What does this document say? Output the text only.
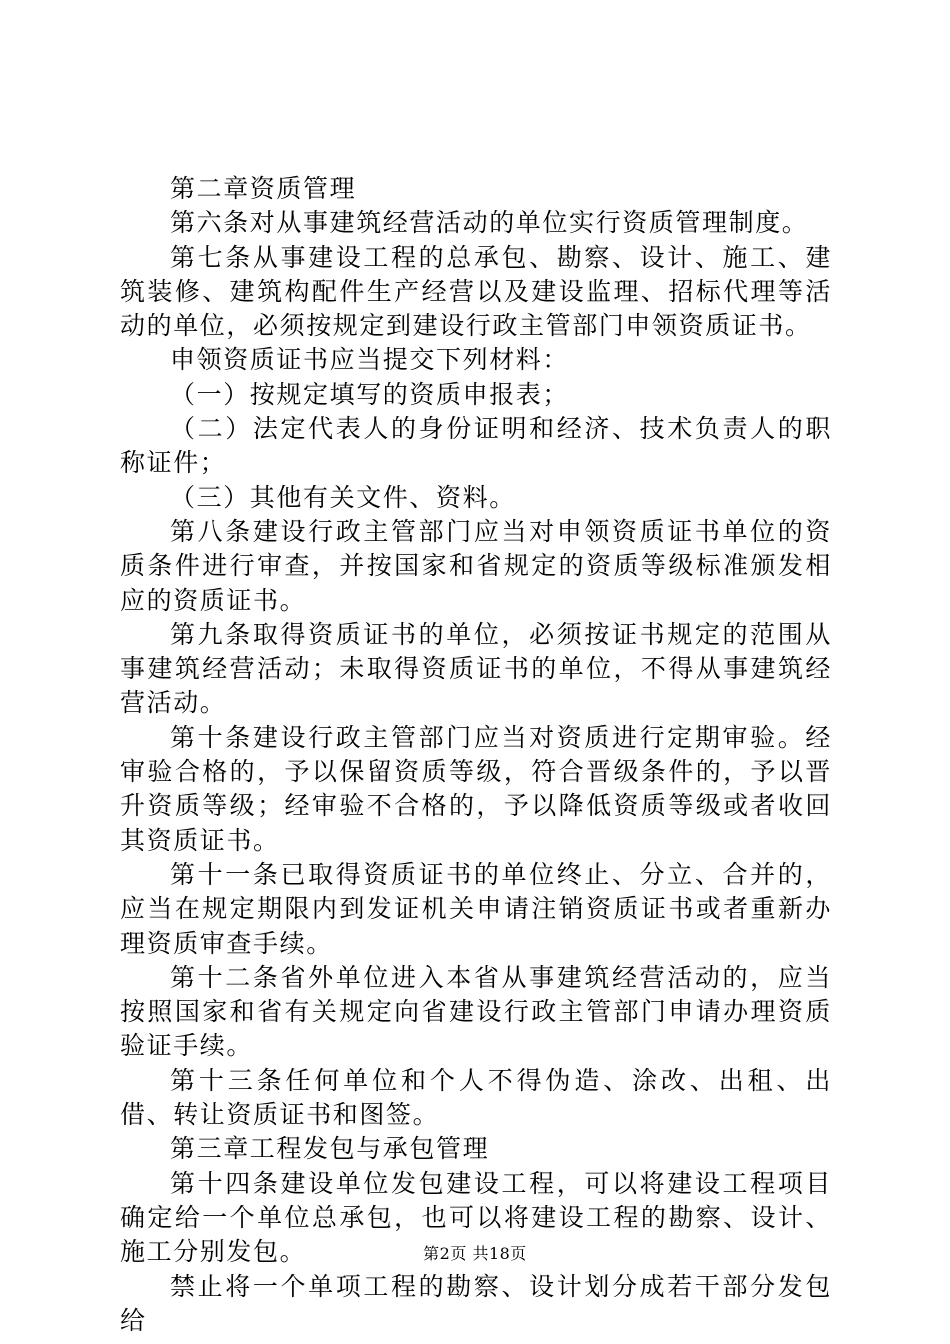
第二章资质管理

第六条对从事建筑经营活动的单位实行资质管理制度。

第七条从事建设工程的总承包、勘察、设计、施工、建筑装修、建筑构配件生产经营以及建设监理、招标代理等活动的单位，必须按规定到建设行政主管部门申领资质证书。

申领资质证书应当提交下列材料：

（一）按规定填写的资质申报表；

（二）法定代表人的身份证明和经济、技术负责人的职称证件；

（三）其他有关文件、资料。

第八条建设行政主管部门应当对申领资质证书单位的资质条件进行审查，并按国家和省规定的资质等级标准颁发相应的资质证书。

第九条取得资质证书的单位，必须按证书规定的范围从事建筑经营活动；未取得资质证书的单位，不得从事建筑经营活动。

第十条建设行政主管部门应当对资质进行定期审验。经审验合格的，予以保留资质等级，符合晋级条件的，予以晋升资质等级；经审验不合格的，予以降低资质等级或者收回其资质证书。

第十一条已取得资质证书的单位终止、分立、合并的，应当在规定期限内到发证机关申请注销资质证书或者重新办理资质审查手续。

第十二条省外单位进入本省从事建筑经营活动的，应当按照国家和省有关规定向省建设行政主管部门申请办理资质验证手续。

第十三条任何单位和个人不得伪造、涂改、出租、出借、转让资质证书和图签。

第三章工程发包与承包管理

第十四条建设单位发包建设工程，可以将建设工程项目确定给一个单位总承包，也可以将建设工程的勘察、设计、施工分别发包。

禁止将一个单项工程的勘察、设计划分成若干部分发包给

第2页 共18页
